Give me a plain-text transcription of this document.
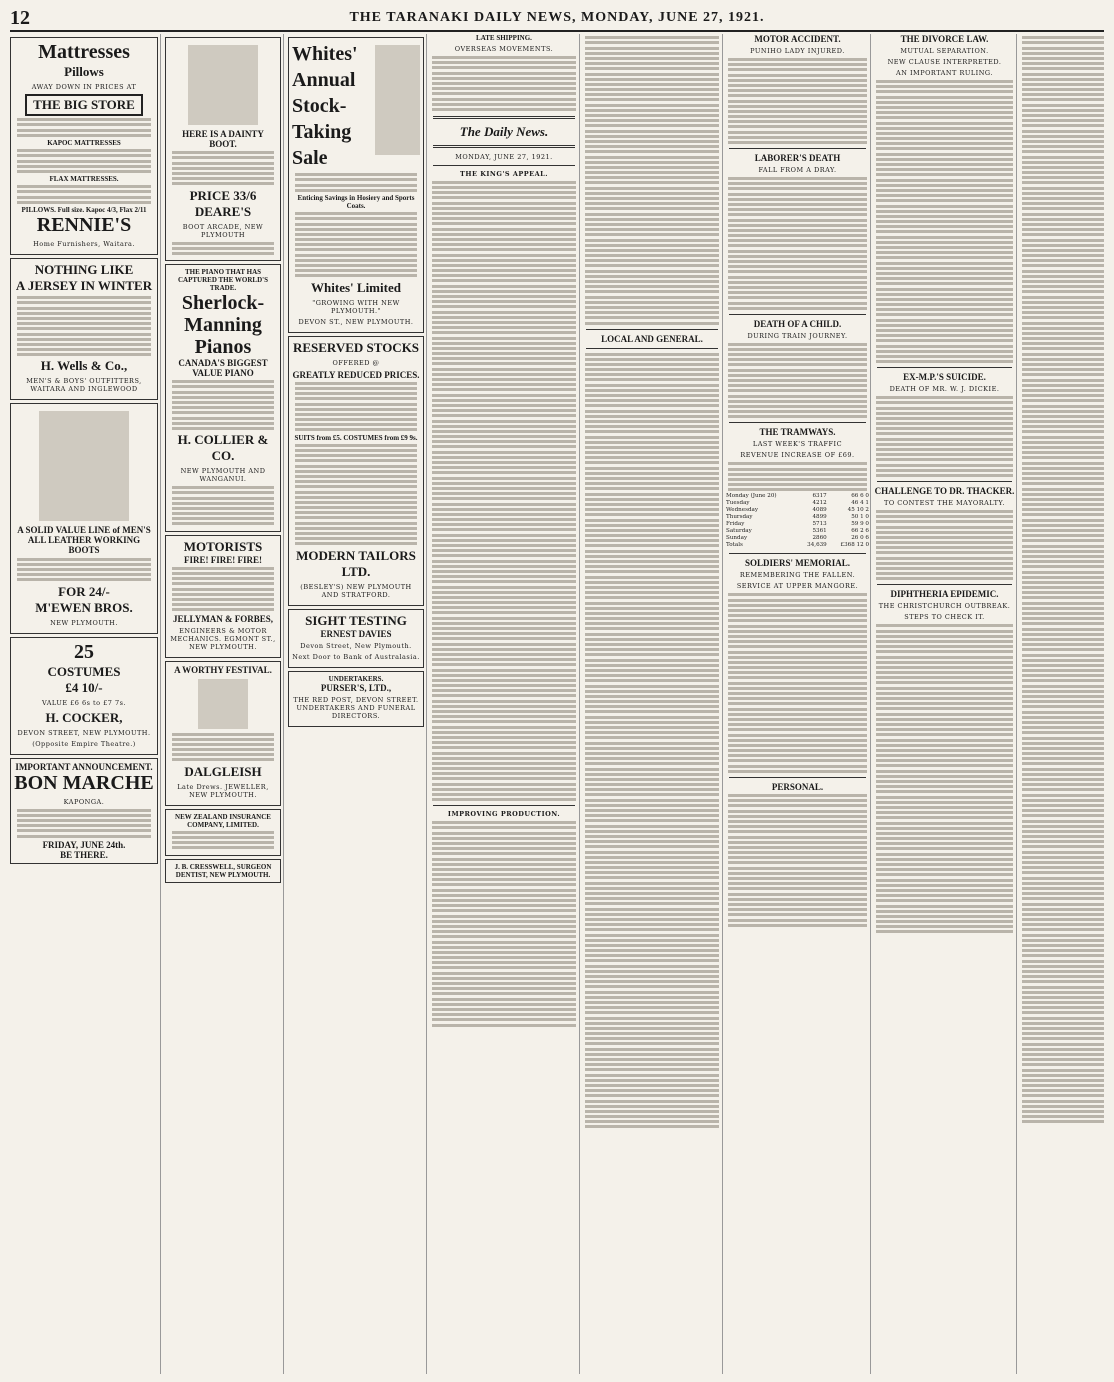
12	THE TARANAKI DAILY NEWS, MONDAY, JUNE 27, 1921.
Mattresses
Pillows
AWAY DOWN IN PRICES AT
THE BIG STORE
KAPOC MATTRESSES
FLAX MATTRESSES.
PILLOWS. Full size. Kapoc 4/3, Flax 2/11
RENNIE'S
Home Furnishers, Waitara.
NOTHING LIKE
A JERSEY IN WINTER
H. Wells & Co.,
MEN'S & BOYS' OUTFITTERS, WAITARA AND INGLEWOOD
A SOLID VALUE LINE of MEN'S ALL LEATHER WORKING BOOTS
FOR 24/-
M'EWEN BROS.
NEW PLYMOUTH.
25
COSTUMES
£4 10/-
VALUE £6 6s to £7 7s.
H. COCKER,
DEVON STREET, NEW PLYMOUTH.
(Opposite Empire Theatre.)
IMPORTANT ANNOUNCEMENT.
BON MARCHE
KAPONGA.
FRIDAY, JUNE 24th.
BE THERE.
HERE IS A DAINTY BOOT.
PRICE 33/6
DEARE'S
BOOT ARCADE, NEW PLYMOUTH
THE PIANO THAT HAS CAPTURED THE WORLD'S TRADE.
Sherlock-Manning Pianos
CANADA'S BIGGEST VALUE PIANO
H. COLLIER & CO.
NEW PLYMOUTH AND WANGANUI.
MOTORISTS
FIRE! FIRE! FIRE!
JELLYMAN & FORBES,
ENGINEERS & MOTOR MECHANICS. EGMONT ST., NEW PLYMOUTH.
A WORTHY FESTIVAL.
DALGLEISH
Late Drews. JEWELLER, NEW PLYMOUTH.
NEW ZEALAND INSURANCE COMPANY, LIMITED.
J. B. CRESSWELL, SURGEON DENTIST, NEW PLYMOUTH.
Whites' Annual Stock-Taking Sale
Enticing Savings in Hosiery and Sports Coats.
Whites' Limited
"GROWING WITH NEW PLYMOUTH."
DEVON ST., NEW PLYMOUTH.
RESERVED STOCKS
OFFERED @
GREATLY REDUCED PRICES.
SUITS from £5. COSTUMES from £9 9s.
MODERN TAILORS LTD.
(BESLEY'S) NEW PLYMOUTH AND STRATFORD.
SIGHT TESTING
ERNEST DAVIES
Devon Street, New Plymouth.
Next Door to Bank of Australasia.
UNDERTAKERS.
PURSER'S, LTD.,
THE RED POST, DEVON STREET. UNDERTAKERS AND FUNERAL DIRECTORS.
LATE SHIPPING.
OVERSEAS MOVEMENTS.
The Daily News.
MONDAY, JUNE 27, 1921.
THE KING'S APPEAL.
IMPROVING PRODUCTION.
LOCAL AND GENERAL.
MOTOR ACCIDENT.
PUNIHO LADY INJURED.
LABORER'S DEATH
FALL FROM A DRAY.
DEATH OF A CHILD.
DURING TRAIN JOURNEY.
THE TRAMWAYS.
LAST WEEK'S TRAFFIC
REVENUE INCREASE OF £69.
Monday (June 20)	6317	66 6 0
Tuesday	4212	46 4 1
Wednesday	4089	45 10 2
Thursday	4899	50 1 0
Friday	5713	59 9 0
Saturday	5361	66 2 6
Sunday	2860	26 0 6
Totals	34,639	£368 12 0
SOLDIERS' MEMORIAL.
REMEMBERING THE FALLEN.
SERVICE AT UPPER MANGORE.
PERSONAL.
THE DIVORCE LAW.
MUTUAL SEPARATION.
NEW CLAUSE INTERPRETED.
AN IMPORTANT RULING.
EX-M.P.'S SUICIDE.
DEATH OF MR. W. J. DICKIE.
CHALLENGE TO DR. THACKER.
TO CONTEST THE MAYORALTY.
DIPHTHERIA EPIDEMIC.
THE CHRISTCHURCH OUTBREAK.
STEPS TO CHECK IT.
